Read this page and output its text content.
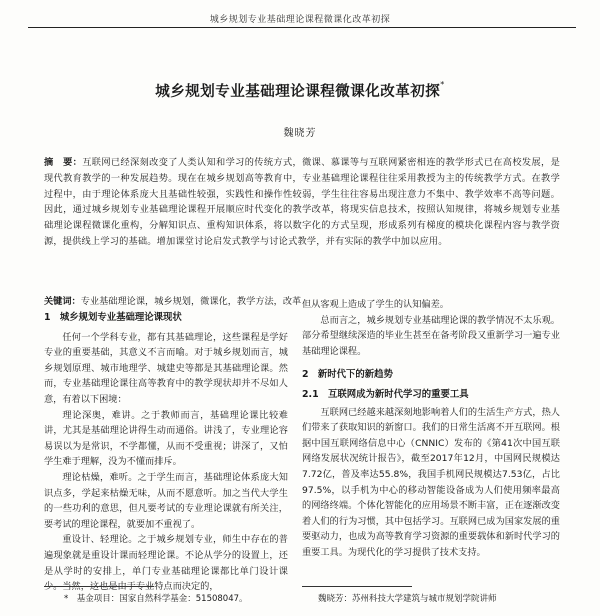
城乡规划专业基础理论课程微课化改革初探
城乡规划专业基础理论课程微课化改革初探*
魏晓芳
摘　要：互联网已经深刻改变了人类认知和学习的传统方式，微课、慕课等与互联网紧密相连的教学形式已在高校发展，是现代教育教学的一种发展趋势。现在在城乡规划高等教育中，专业基础理论课程往往采用教授为主的传统教学方式。在教学过程中，由于理论体系庞大且基础性较强，实践性和操作性较弱，学生往往容易出现注意力不集中、教学效率不高等问题。因此，通过城乡规划专业基础理论课程开展顺应时代变化的教学改革，将现实信息技术，按照认知规律，将城乡规划专业基础理论课程微课化重构，分解知识点、重构知识体系，将以数字化的方式呈现，形成系列有梯度的模块化课程内容与教学资源，提供线上学习的基础。增加课堂讨论启发式教学与讨论式教学，并有实际的教学中加以应用。
关键词：专业基础理论课，城乡规划，微课化，教学方法，改革
1　城乡规划专业基础理论课现状

任何一个学科专业，都有其基础理论，这些课程是学好专业的重要基础，其意义不言而喻。对于城乡规划而言，城乡规划原理、城市地理学、城建史等都是其基础理论课。然而，专业基础理论课往高等教育中的教学现状却并不尽如人意，有着以下困境：

理论深奥，难讲。之于教师而言，基础理论课比较难讲，尤其是基础理论讲得生动而通俗。讲浅了，专业理论容易误以为是常识，不学都懂，从而不受重视；讲深了，又怕学生难于理解，没为不懂而排斥。

理论枯燥，难听。之于学生而言，基础理论体系庞大知识点多，学起来枯燥无味，从而不愿意听。加之当代大学生的一些功利的意思，但凡要考试的专业理论课就有所关注，要考试的理论课程，就要加不重视了。

重设计、轻理论。之于城乡规划专业，师生中存在的普遍现象就是重设计课而轻理论课。不论从学分的设置上，还是从学时的安排上，单门专业基础理论课都比单门设计课少。当然，这也是由于专业特点而决定的，

但从客观上造成了学生的认知偏差。

总而言之，城乡规划专业基础理论课的教学情况不太乐观。部分希望继续深造的毕业生甚至在备考阶段又重新学习一遍专业基础理论课程。

2　新时代下的新趋势
2.1　互联网成为新时代学习的重要工具

互联网已经越来越深刻地影响着人们的生活生产方式，热人们带来了获取知识的新窗口。我们的日常生活离不开互联网。根据中国互联网络信息中心（CNNIC）发布的《第41次中国互联网络发展状况统计报告》，截至2017年12月，中国网民规模达7.72亿，普及率达55.8%，我国手机网民规模达7.53亿，占比97.5%，以手机为中心的移动智能设备成为人们使用频率最高的网络终端。个体化智能化的应用场景不断丰富，正在逐渐改变着人们的行为习惯，其中包括学习。互联网已成为国家发展的重要驱动力，也成为高等教育学习资源的重要载体和新时代学习的重要工具。为现代化的学习提供了技术支持。

*　基金项目：国家自然科学基金：51508047。	魏晓芳：苏州科技大学建筑与城市规划学院讲师
